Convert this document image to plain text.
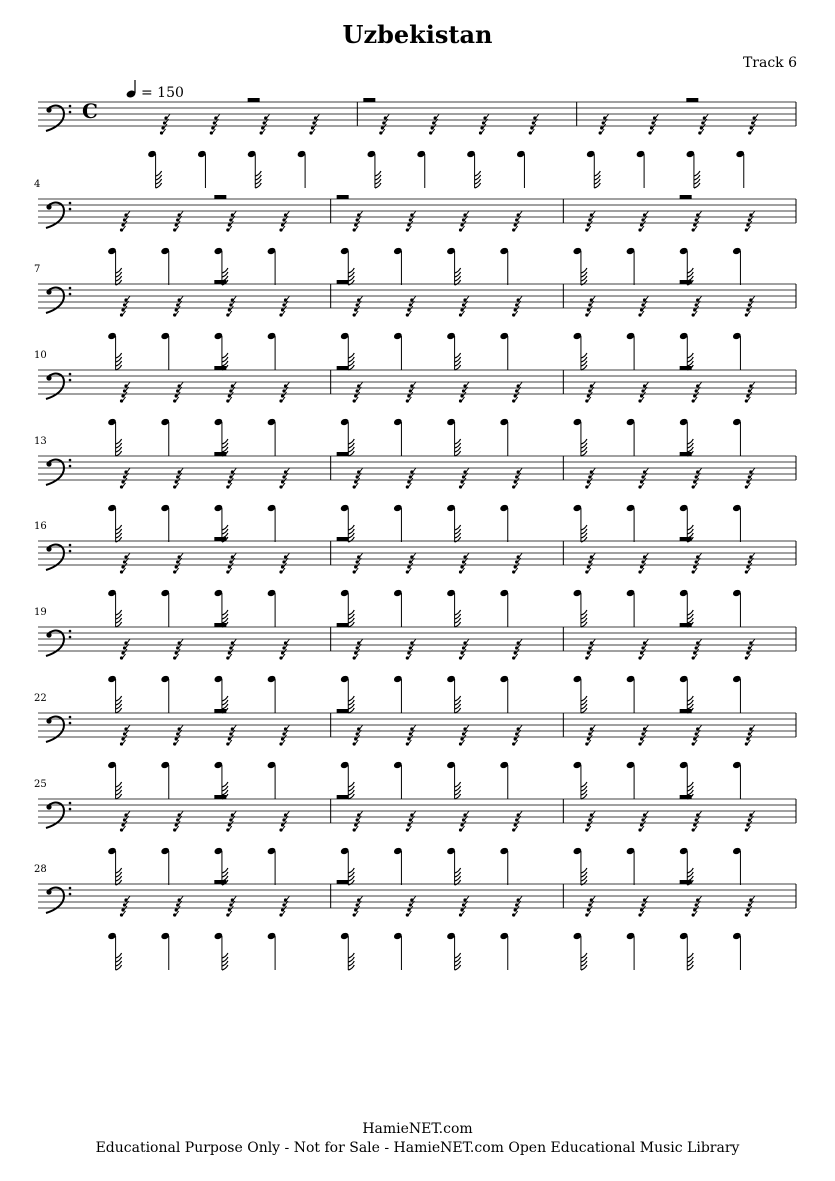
Uzbekistan
Track 6
= 150
C
4
7
10
13
16
19
22
25
28
HamieNET.com
Educational Purpose Only - Not for Sale - HamieNET.com Open Educational Music Library
